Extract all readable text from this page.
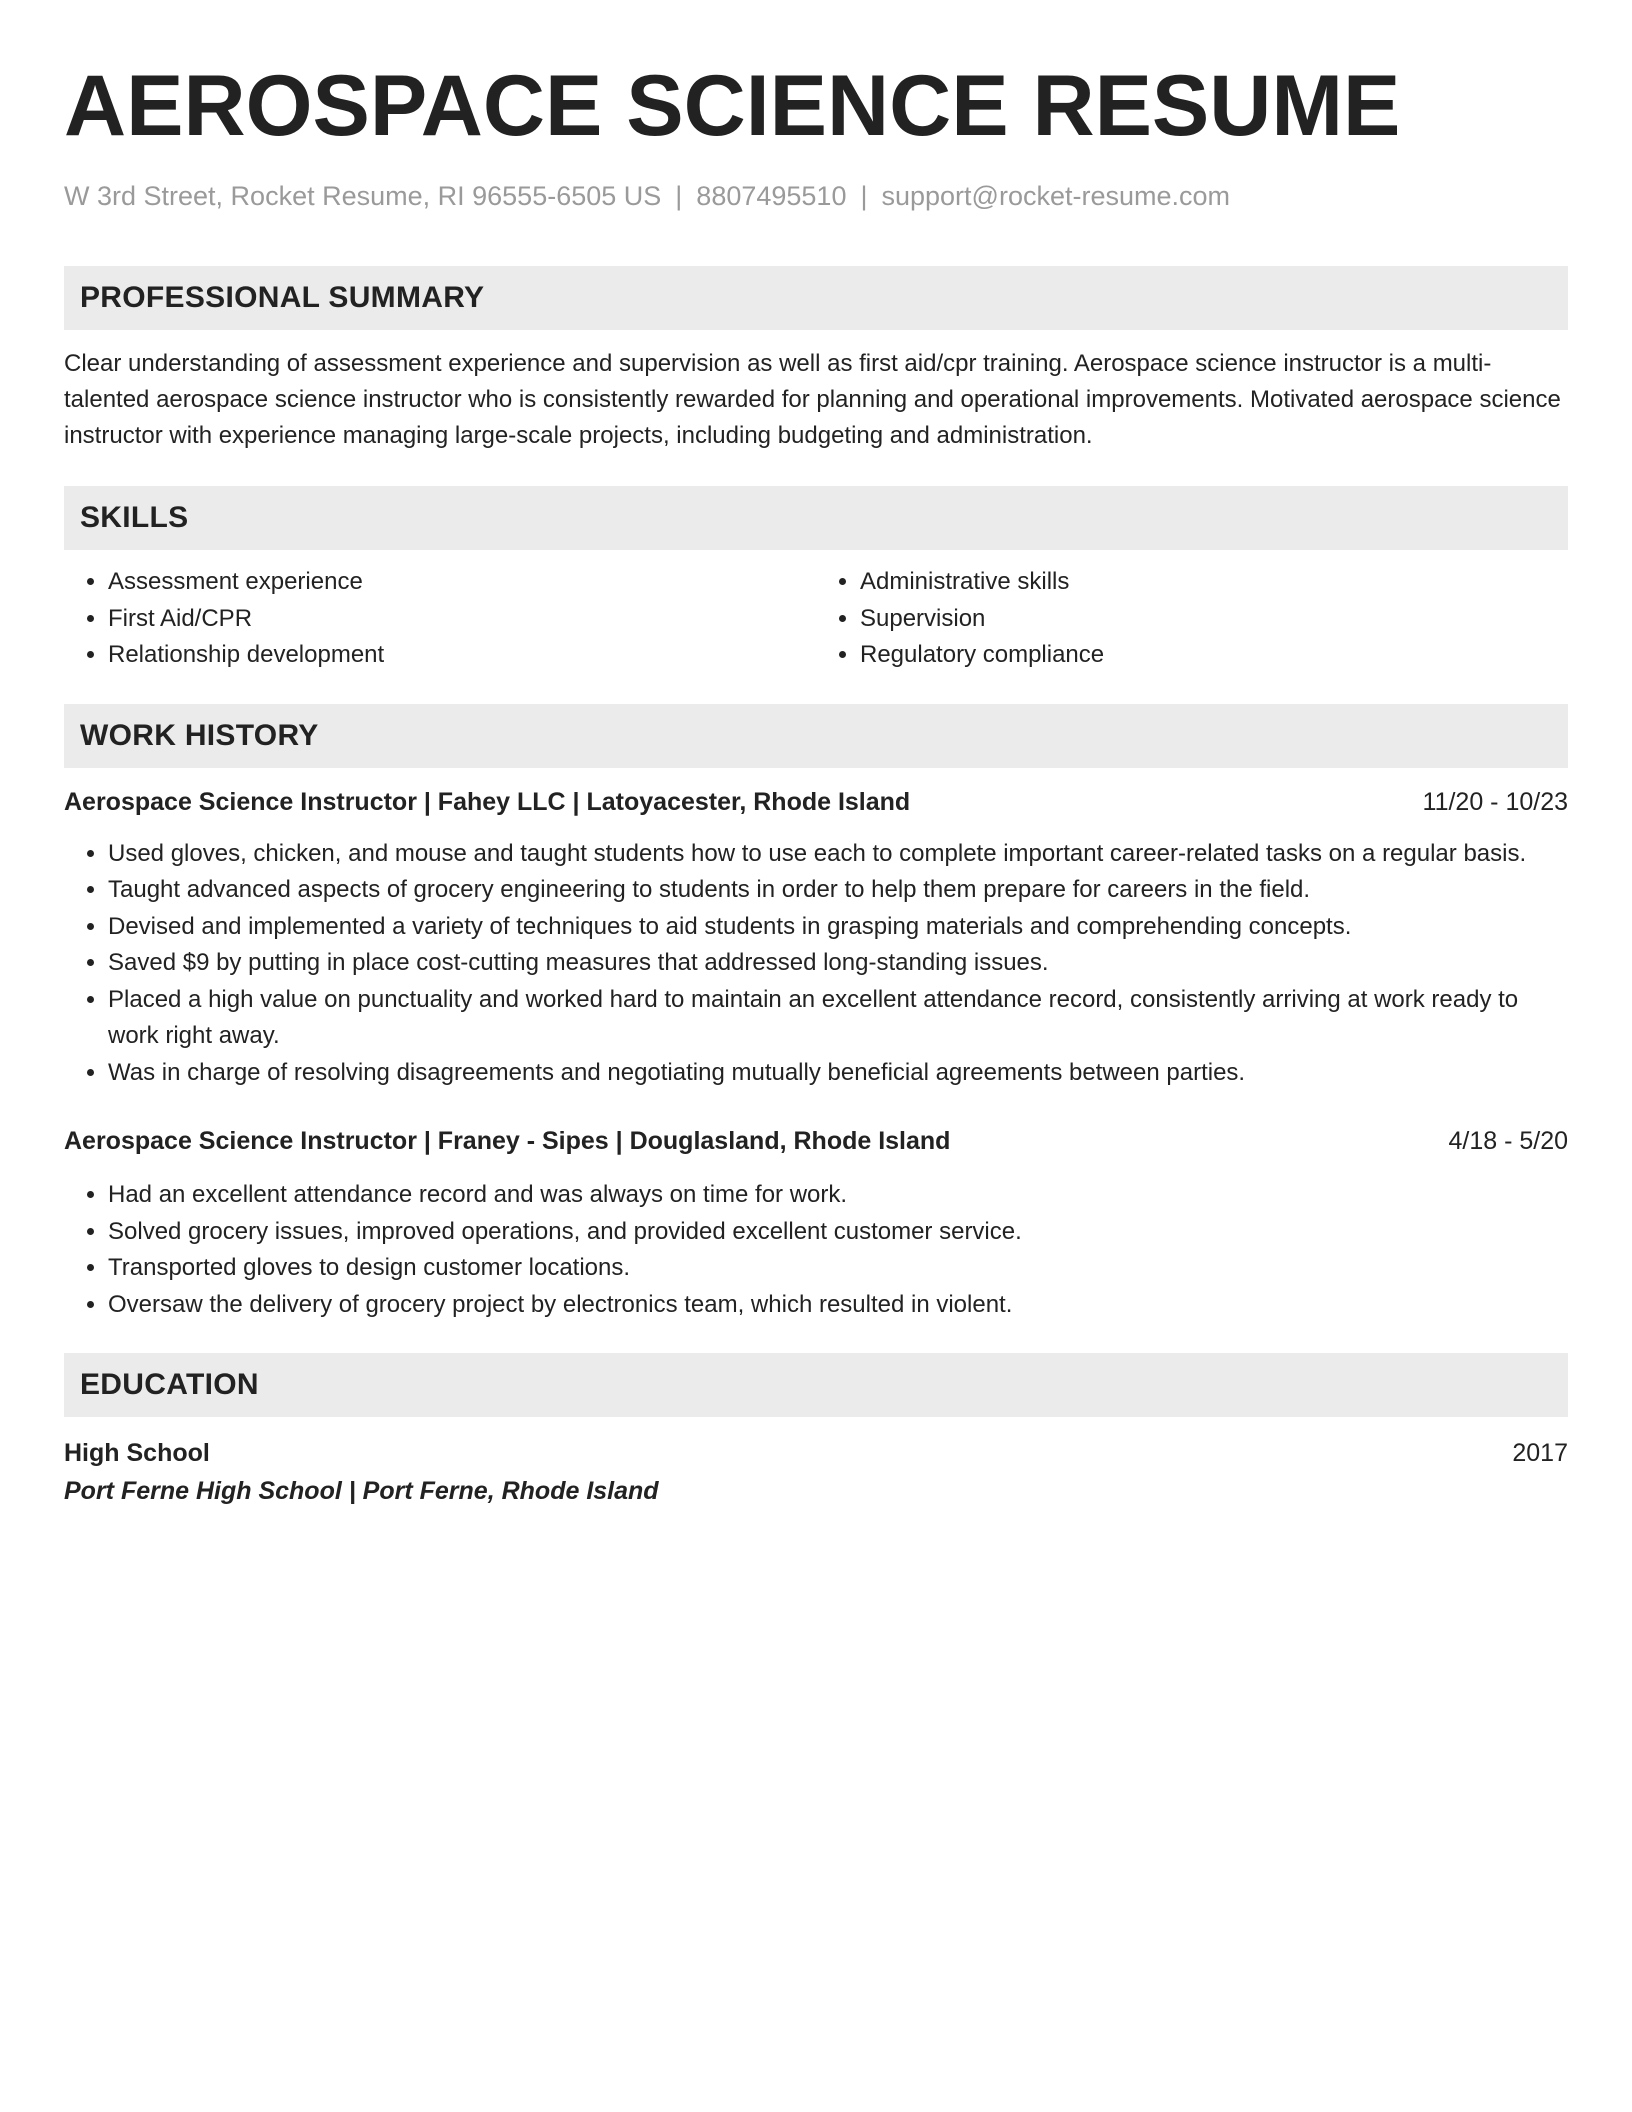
AEROSPACE SCIENCE RESUME
W 3rd Street, Rocket Resume, RI 96555-6505 US | 8807495510 | support@rocket-resume.com
PROFESSIONAL SUMMARY

Clear understanding of assessment experience and supervision as well as first aid/cpr training. Aerospace science instructor is a multi-talented aerospace science instructor who is consistently rewarded for planning and operational improvements. Motivated aerospace science instructor with experience managing large-scale projects, including budgeting and administration.

SKILLS
• Assessment experience
• First Aid/CPR
• Relationship development
• Administrative skills
• Supervision
• Regulatory compliance
WORK HISTORY
Aerospace Science Instructor | Fahey LLC | Latoyacester, Rhode Island	11/20 - 10/23
• Used gloves, chicken, and mouse and taught students how to use each to complete important career-related tasks on a regular basis.
• Taught advanced aspects of grocery engineering to students in order to help them prepare for careers in the field.
• Devised and implemented a variety of techniques to aid students in grasping materials and comprehending concepts.
• Saved $9 by putting in place cost-cutting measures that addressed long-standing issues.
• Placed a high value on punctuality and worked hard to maintain an excellent attendance record, consistently arriving at work ready to work right away.
• Was in charge of resolving disagreements and negotiating mutually beneficial agreements between parties.
Aerospace Science Instructor | Franey - Sipes | Douglasland, Rhode Island	4/18 - 5/20
• Had an excellent attendance record and was always on time for work.
• Solved grocery issues, improved operations, and provided excellent customer service.
• Transported gloves to design customer locations.
• Oversaw the delivery of grocery project by electronics team, which resulted in violent.
EDUCATION
High School	2017
Port Ferne High School | Port Ferne, Rhode Island
